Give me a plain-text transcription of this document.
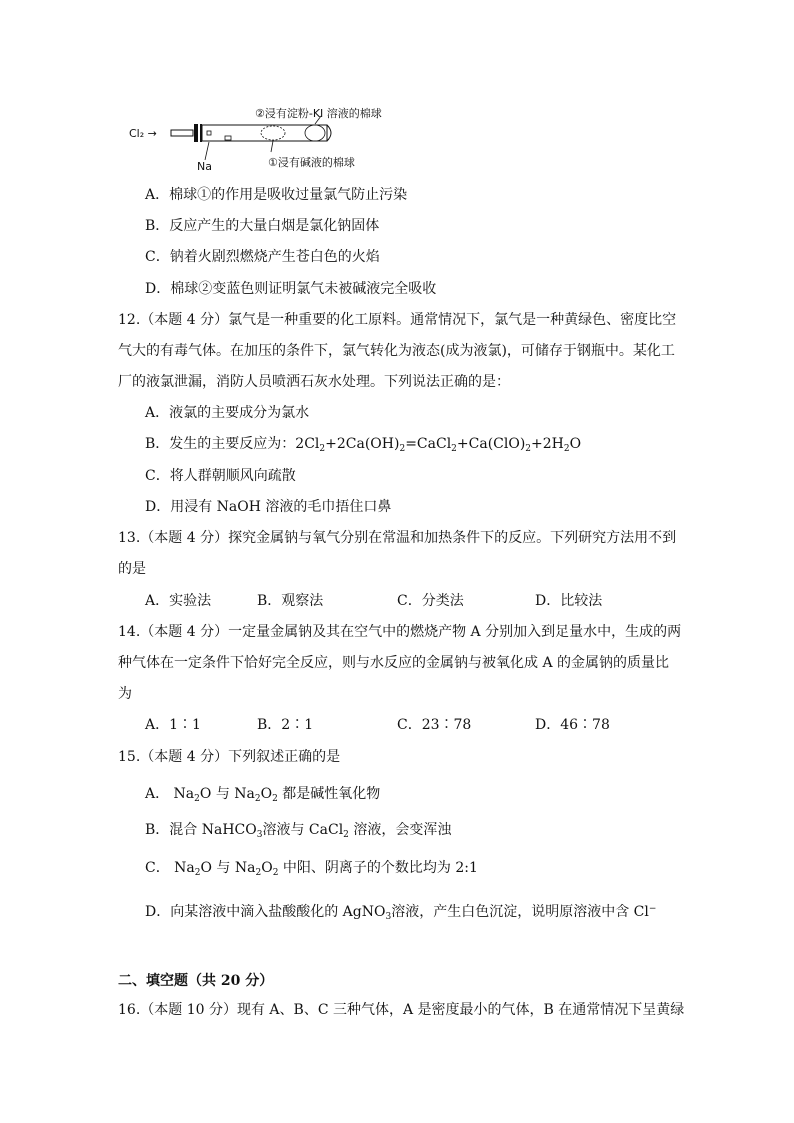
Cl₂ →
②浸有淀粉-KI 溶液的棉球
①浸有碱液的棉球
Na
A．棉球①的作用是吸收过量氯气防止污染
B．反应产生的大量白烟是氯化钠固体
C．钠着火剧烈燃烧产生苍白色的火焰
D．棉球②变蓝色则证明氯气未被碱液完全吸收
12.（本题 4 分）氯气是一种重要的化工原料。通常情况下，氯气是一种黄绿色、密度比空
气大的有毒气体。在加压的条件下，氯气转化为液态(成为液氯)，可储存于钢瓶中。某化工
厂的液氯泄漏，消防人员喷洒石灰水处理。下列说法正确的是：
A．液氯的主要成分为氯水
B．发生的主要反应为：$2Cl_2+2Ca(OH)_2=CaCl_2+Ca(ClO)_2+2H_2O$
C．将人群朝顺风向疏散
D．用浸有 NaOH 溶液的毛巾捂住口鼻
13.（本题 4 分）探究金属钠与氧气分别在常温和加热条件下的反应。下列研究方法用不到
的是
A．实验法	B．观察法	C．分类法	D．比较法
14.（本题 4 分）一定量金属钠及其在空气中的燃烧产物 A 分别加入到足量水中，生成的两
种气体在一定条件下恰好完全反应，则与水反应的金属钠与被氧化成 A 的金属钠的质量比
为
A．1∶1	B．2∶1	C．23∶78	D．46∶78
15.（本题 4 分）下列叙述正确的是
A． $Na_2O$ 与 $Na_2O_2$ 都是碱性氧化物
B．混合 NaHCO$_3$溶液与 CaCl$_2$ 溶液，会变浑浊
C． $Na_2O$ 与 $Na_2O_2$ 中阳、阴离子的个数比均为 2:1
D．向某溶液中滴入盐酸酸化的 AgNO$_3$溶液，产生白色沉淀，说明原溶液中含 Cl−
二、填空题（共 20 分）
16.（本题 10 分）现有 A、B、C 三种气体，A 是密度最小的气体，B 在通常情况下呈黄绿
